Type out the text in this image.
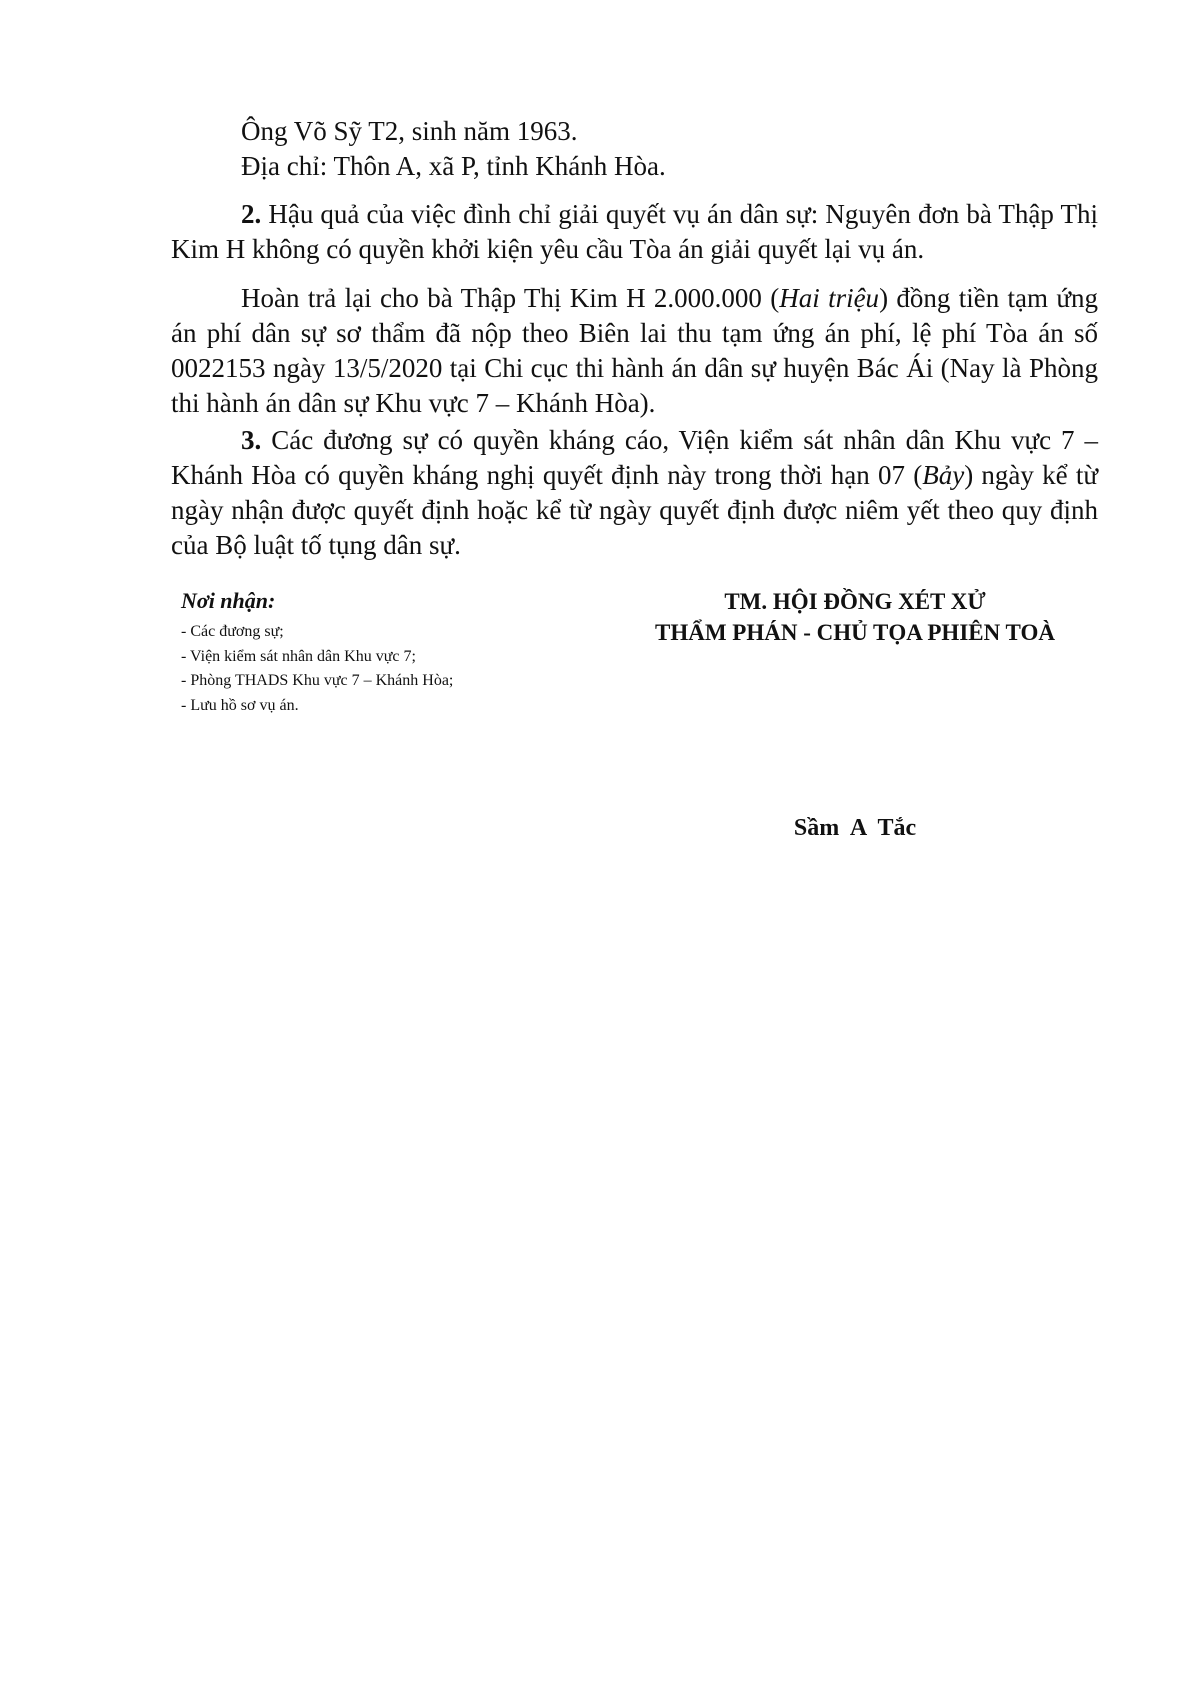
Ông Võ Sỹ T2, sinh năm 1963.
Địa chỉ: Thôn A, xã P, tỉnh Khánh Hòa.

2. Hậu quả của việc đình chỉ giải quyết vụ án dân sự: Nguyên đơn bà Thập Thị Kim H không có quyền khởi kiện yêu cầu Tòa án giải quyết lại vụ án.

Hoàn trả lại cho bà Thập Thị Kim H 2.000.000 (Hai triệu) đồng tiền tạm ứng án phí dân sự sơ thẩm đã nộp theo Biên lai thu tạm ứng án phí, lệ phí Tòa án số 0022153 ngày 13/5/2020 tại Chi cục thi hành án dân sự huyện Bác Ái (Nay là Phòng thi hành án dân sự Khu vực 7 – Khánh Hòa).

3. Các đương sự có quyền kháng cáo, Viện kiểm sát nhân dân Khu vực 7 – Khánh Hòa có quyền kháng nghị quyết định này trong thời hạn 07 (Bảy) ngày kể từ ngày nhận được quyết định hoặc kể từ ngày quyết định được niêm yết theo quy định của Bộ luật tố tụng dân sự.

Nơi nhận:
- Các đương sự;
- Viện kiểm sát nhân dân Khu vực 7;
- Phòng THADS Khu vực 7 – Khánh Hòa;
- Lưu hồ sơ vụ án.
TM. HỘI ĐỒNG XÉT XỬ
THẨM PHÁN - CHỦ TỌA PHIÊN TOÀ
Sầm A Tắc
